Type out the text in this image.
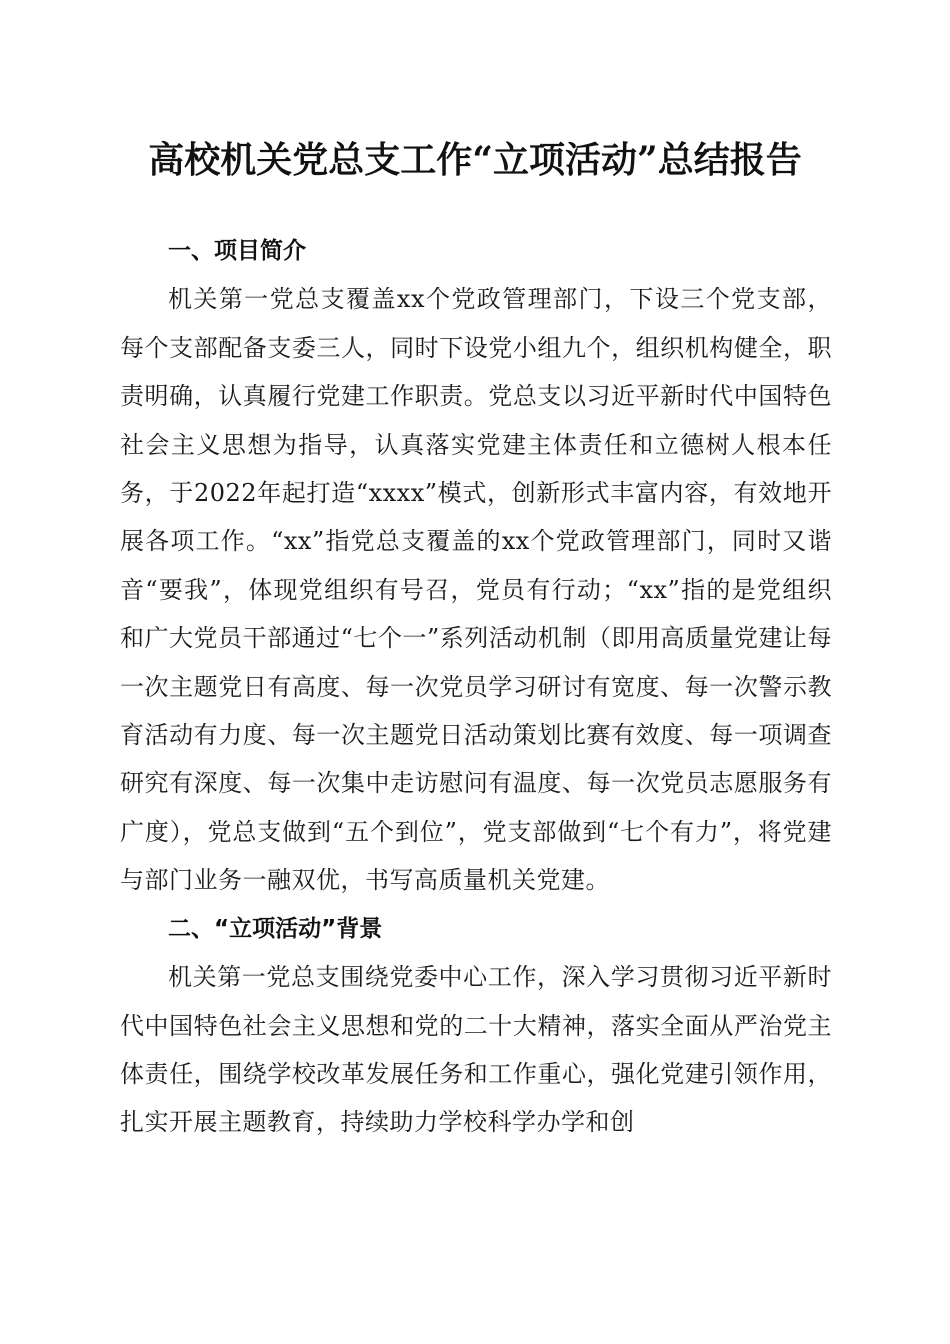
高校机关党总支工作“立项活动”总结报告
一、项目简介

机关第一党总支覆盖xx个党政管理部门，下设三个党支部，每个支部配备支委三人，同时下设党小组九个，组织机构健全，职责明确，认真履行党建工作职责。党总支以习近平新时代中国特色社会主义思想为指导，认真落实党建主体责任和立德树人根本任务，于2022年起打造“xxxx”模式，创新形式丰富内容，有效地开展各项工作。“xx”指党总支覆盖的xx个党政管理部门，同时又谐音“要我”，体现党组织有号召，党员有行动；“xx”指的是党组织和广大党员干部通过“七个一”系列活动机制（即用高质量党建让每一次主题党日有高度、每一次党员学习研讨有宽度、每一次警示教育活动有力度、每一次主题党日活动策划比赛有效度、每一项调查研究有深度、每一次集中走访慰问有温度、每一次党员志愿服务有广度），党总支做到“五个到位”，党支部做到“七个有力”，将党建与部门业务一融双优，书写高质量机关党建。

二、“立项活动”背景

机关第一党总支围绕党委中心工作，深入学习贯彻习近平新时代中国特色社会主义思想和党的二十大精神，落实全面从严治党主体责任，围绕学校改革发展任务和工作重心，强化党建引领作用，扎实开展主题教育，持续助力学校科学办学和创
